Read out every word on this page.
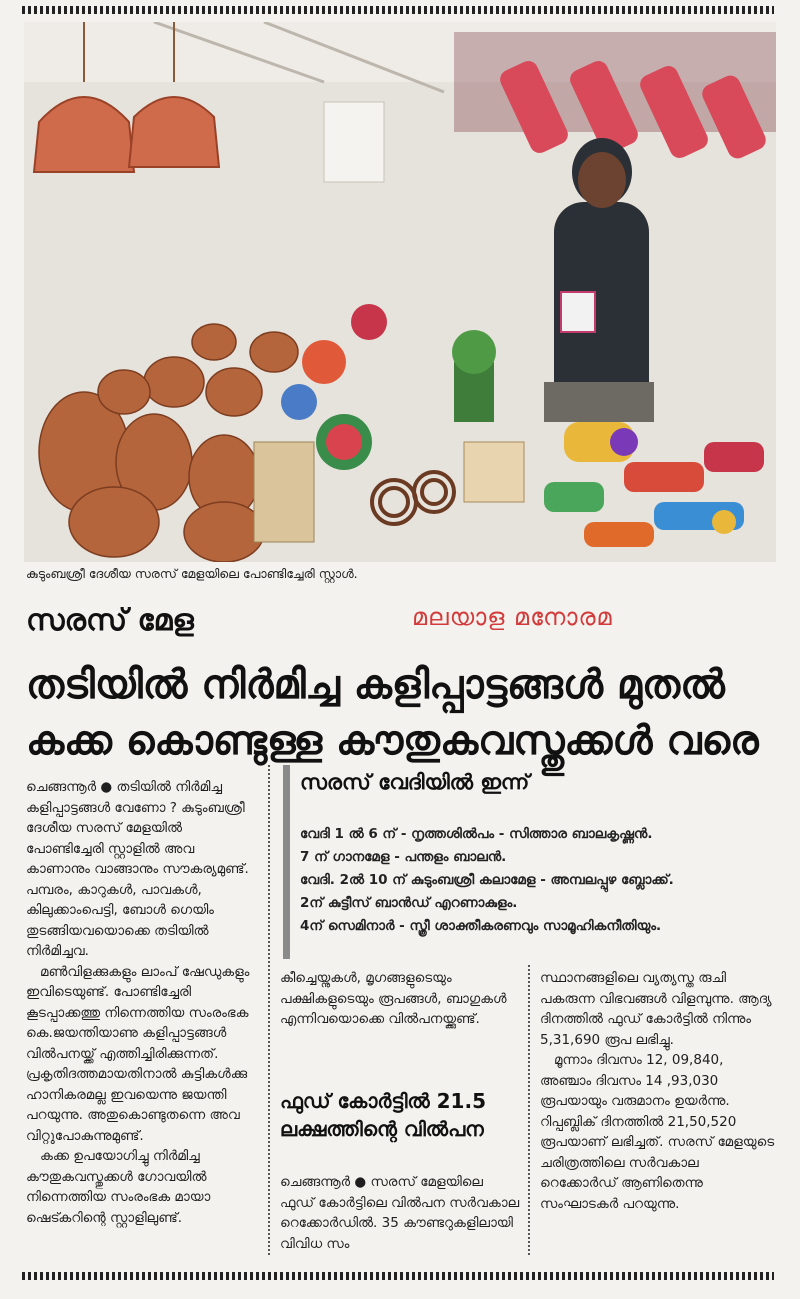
കുടുംബശ്രീ ദേശീയ സരസ് മേളയിലെ പോണ്ടിച്ചേരി സ്റ്റാൾ.
സരസ് മേള	മലയാള മനോരമ
തടിയിൽ നിർമിച്ച കളിപ്പാട്ടങ്ങൾ മുതൽ കക്ക കൊണ്ടുള്ള കൗതുകവസ്തുക്കൾ വരെ

ചെങ്ങന്നൂർ ● തടിയിൽ നിർമിച്ച കളിപ്പാട്ടങ്ങൾ വേണോ ? കുടുംബശ്രീ ദേശീയ സരസ് മേളയിൽ പോണ്ടിച്ചേരി സ്റ്റാളിൽ അവ കാണാനും വാങ്ങാനും സൗകര്യമുണ്ട്. പമ്പരം, കാറുകൾ, പാവകൾ, കിലുക്കാംപെട്ടി, ബോൾ ഗെയിം തുടങ്ങിയവയൊക്കെ തടിയിൽ നിർമിച്ചവ.

മൺവിളക്കുകളും ലാംപ് ഷേഡുകളും ഇവിടെയുണ്ട്. പോണ്ടിച്ചേരി കൂടപ്പാക്കത്തു നിന്നെത്തിയ സംരംഭക കെ.ജയന്തിയാണു കളിപ്പാട്ടങ്ങൾ വിൽപനയ്ക്ക് എത്തിച്ചിരിക്കുന്നത്. പ്രകൃതിദത്തമായതിനാൽ കുട്ടികൾക്കു ഹാനികരമല്ല ഇവയെന്നു ജയന്തി പറയുന്നു. അതുകൊണ്ടുതന്നെ അവ വിറ്റുപോകുന്നുമുണ്ട്.

കക്ക ഉപയോഗിച്ചു നിർമിച്ച കൗതുകവസ്തുക്കൾ ഗോവയിൽ നിന്നെത്തിയ സംരംഭക മായാ ഷെട്കറിന്റെ സ്റ്റാളിലുണ്ട്.

സരസ് വേദിയിൽ ഇന്ന്
വേദി 1 ൽ 6 ന് - നൃത്തശിൽപം - സിത്താര ബാലകൃഷ്ണൻ.
7 ന് ഗാനമേള - പന്തളം ബാലൻ.
വേദി. 2ൽ 10 ന് കുടുംബശ്രീ കലാമേള - അമ്പലപ്പുഴ ബ്ലോക്ക്.
2ന് കുട്ടീസ് ബാൻഡ് എറണാകുളം.
4ന് സെമിനാർ - സ്ത്രീ ശാക്തീകരണവും സാമൂഹികനീതിയും.

കീച്ചെയ്നുകൾ, മൃഗങ്ങളുടെയും പക്ഷികളുടെയും രൂപങ്ങൾ, ബാഗുകൾ എന്നിവയൊക്കെ വിൽപനയ്ക്കുണ്ട്.

ഫുഡ് കോർട്ടിൽ 21.5 ലക്ഷത്തിന്റെ വിൽപന

ചെങ്ങന്നൂർ ● സരസ് മേളയിലെ ഫുഡ് കോർട്ടിലെ വിൽപന സർവകാല റെക്കോർഡിൽ. 35 കൗണ്ടറുകളിലായി വിവിധ സം

സ്ഥാനങ്ങളിലെ വ്യത്യസ്ത രുചി പകരുന്ന വിഭവങ്ങൾ വിളമ്പുന്നു. ആദ്യ ദിനത്തിൽ ഫുഡ് കോർട്ടിൽ നിന്നും 5,31,690 രൂപ ലഭിച്ചു.

മൂന്നാം ദിവസം 12, 09,840, അഞ്ചാം ദിവസം 14 ,93,030 രൂപയായും വരുമാനം ഉയർന്നു. റിപ്പബ്ലിക് ദിനത്തിൽ 21,50,520 രൂപയാണ് ലഭിച്ചത്. സരസ് മേളയുടെ ചരിത്രത്തിലെ സർവകാല റെക്കോർഡ് ആണിതെന്നു സംഘാടകർ പറയുന്നു.
